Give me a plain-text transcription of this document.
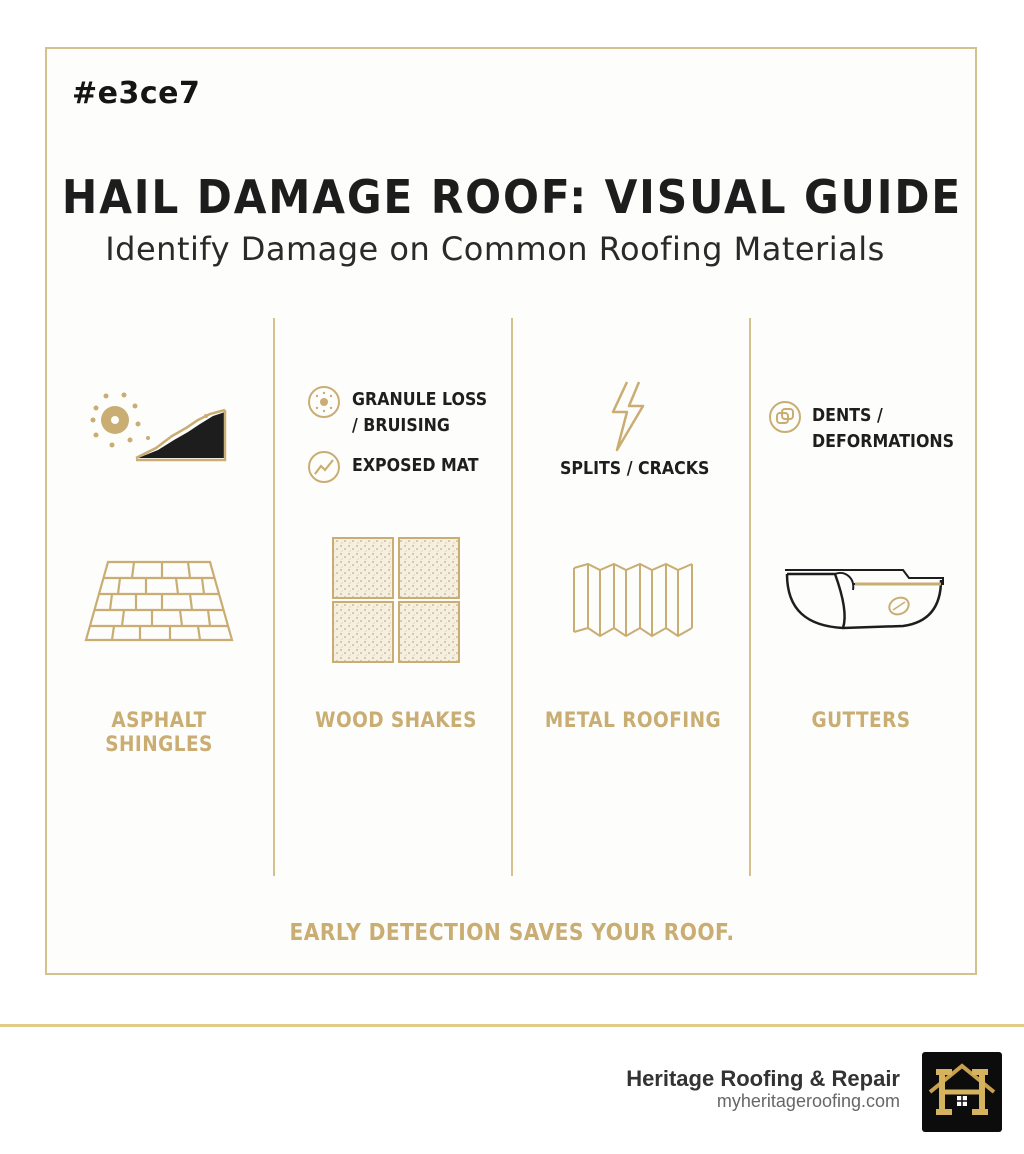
#e3ce7
HAIL DAMAGE ROOF: VISUAL GUIDE
Identify Damage on Common Roofing Materials
GRANULE LOSS
/ BRUISING
EXPOSED MAT	SPLITS / CRACKS
DENTS /
DEFORMATIONS
ASPHALT SHINGLES
WOOD SHAKES	METAL ROOFING	GUTTERS
EARLY DETECTION SAVES YOUR ROOF.
Heritage Roofing & Repair
myheritageroofing.com
